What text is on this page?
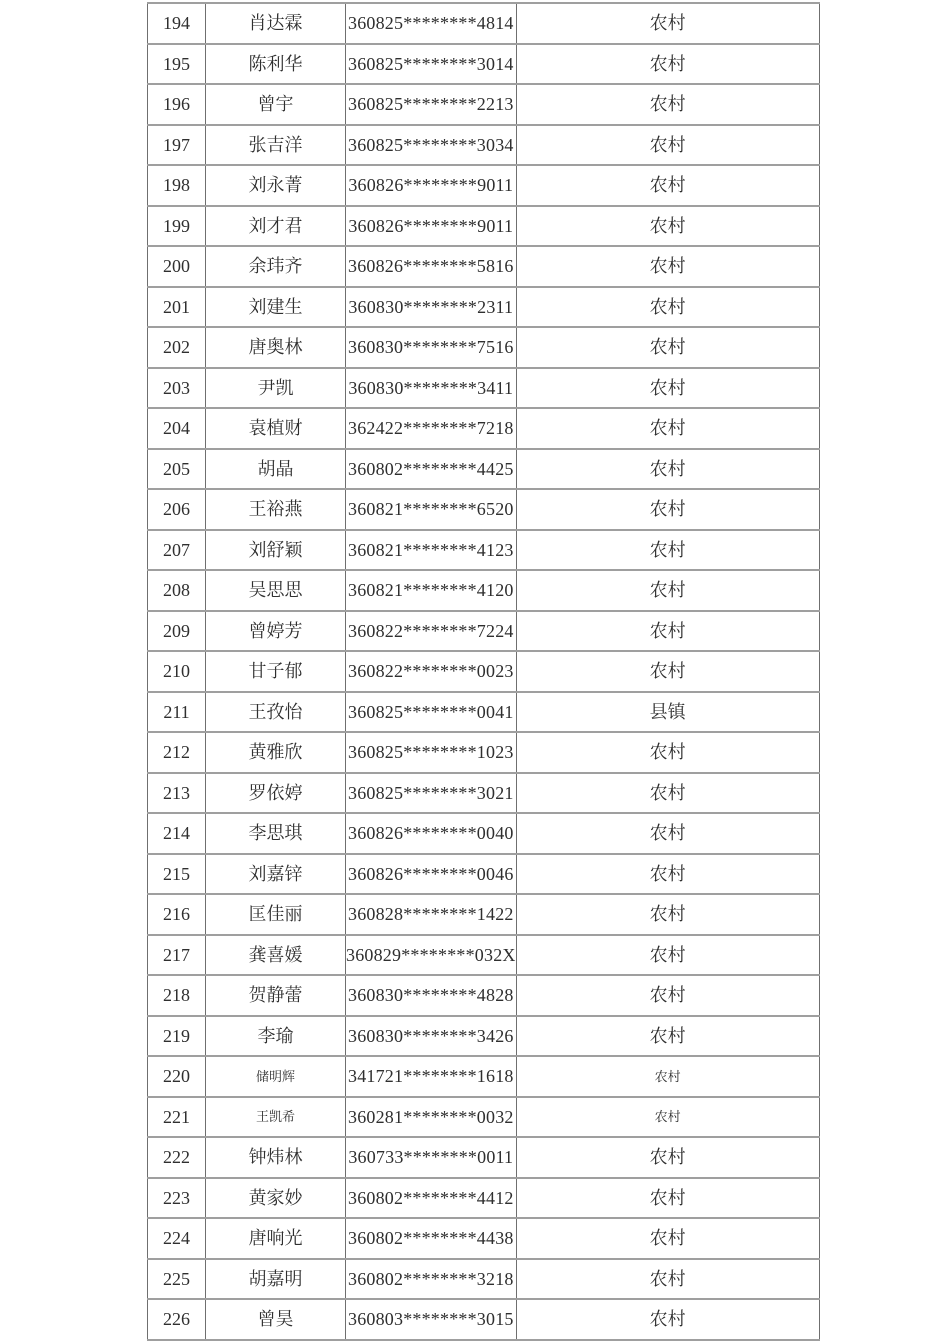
194	肖达霖	360825********4814	农村
195	陈利华	360825********3014	农村
196	曾宇	360825********2213	农村
197	张吉洋	360825********3034	农村
198	刘永菁	360826********9011	农村
199	刘才君	360826********9011	农村
200	余玮齐	360826********5816	农村
201	刘建生	360830********2311	农村
202	唐奥林	360830********7516	农村
203	尹凯	360830********3411	农村
204	袁植财	362422********7218	农村
205	胡晶	360802********4425	农村
206	王裕燕	360821********6520	农村
207	刘舒颖	360821********4123	农村
208	吴思思	360821********4120	农村
209	曾婷芳	360822********7224	农村
210	甘子郁	360822********0023	农村
211	王孜怡	360825********0041	县镇
212	黄雅欣	360825********1023	农村
213	罗依婷	360825********3021	农村
214	李思琪	360826********0040	农村
215	刘嘉锌	360826********0046	农村
216	匡佳丽	360828********1422	农村
217	龚喜媛	360829********032X	农村
218	贺静蕾	360830********4828	农村
219	李瑜	360830********3426	农村
220	储明辉	341721********1618	农村
221	王凯希	360281********0032	农村
222	钟炜林	360733********0011	农村
223	黄家妙	360802********4412	农村
224	唐响光	360802********4438	农村
225	胡嘉明	360802********3218	农村
226	曾昊	360803********3015	农村
